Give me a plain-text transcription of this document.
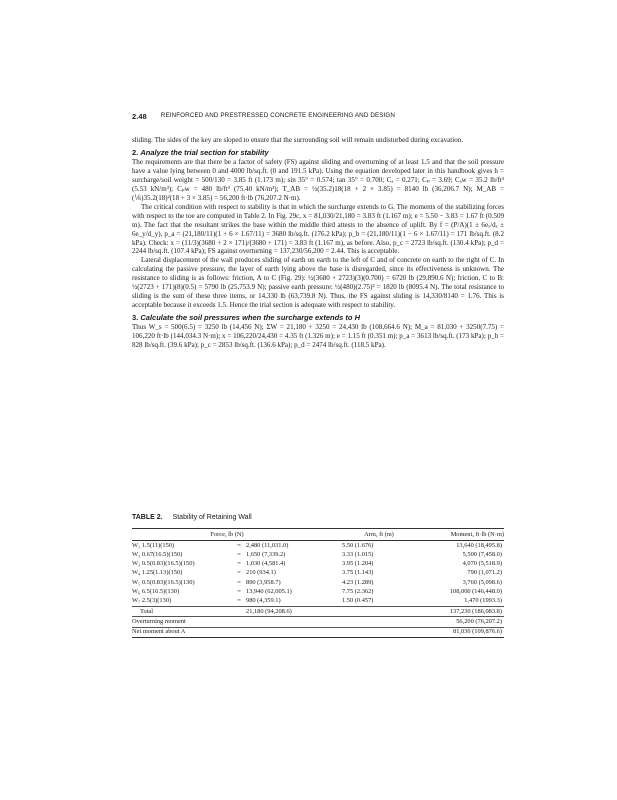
2.48 REINFORCED AND PRESTRESSED CONCRETE ENGINEERING AND DESIGN

sliding. The sides of the key are sloped to ensure that the surrounding soil will remain undisturbed during excavation.

2. Analyze the trial section for stability

The requirements are that there be a factor of safety (FS) against sliding and overturning of at least 1.5 and that the soil pressure have a value lying between 0 and 4000 lb/sq.ft. (0 and 191.5 kPa). Using the equation developed later in this handbook gives h = surcharge/soil weight = 500/130 = 3.85 ft (1.173 m); sin 35° = 0.574; tan 35° = 0.700; Cₐ = 0.271; Cₚ = 3.69; Cₐw = 35.2 lb/ft³ (5.53 kN/m³); Cₚw = 480 lb/ft³ (75.40 kN/m³); T_AB = ½(35.2)18(18 + 2 × 3.85) = 8140 lb (36,206.7 N); M_AB = (⅙)35.2(18)²(18 + 3 × 3.85) = 56,200 ft·lb (76,207.2 N·m).

The critical condition with respect to stability is that in which the surcharge extends to G. The moments of the stabilizing forces with respect to the toe are computed in Table 2. In Fig. 29c, x = 81,030/21,180 = 3.83 ft (1.167 m); e = 5.50 − 3.83 = 1.67 ft (0.509 m). The fact that the resultant strikes the base within the middle third attests to the absence of uplift. By f = (P/A)(1 ± 6eₓ/dₓ ± 6e_y/d_y), p_a = (21,180/11)(1 + 6 × 1.67/11) = 3680 lb/sq.ft. (176.2 kPa); p_b = (21,180/11)(1 − 6 × 1.67/11) = 171 lb/sq.ft. (8.2 kPa). Check: x = (11/3)(3680 + 2 × 171)/(3680 + 171) = 3.83 ft (1.167 m), as before. Also, p_c = 2723 lb/sq.ft. (130.4 kPa); p_d = 2244 lb/sq.ft. (107.4 kPa); FS against overturning = 137,230/56,200 = 2.44. This is acceptable.

Lateral displacement of the wall produces sliding of earth on earth to the left of C and of concrete on earth to the right of C. In calculating the passive pressure, the layer of earth lying above the base is disregarded, since its effectiveness is unknown. The resistance to sliding is as follows: friction, A to C (Fig. 29): ½(3680 + 2723)(3)(0.700) = 6720 lb (29,890.6 N); friction, C to B: ½(2723 + 171)(8)(0.5) = 5790 lb (25,753.9 N); passive earth pressure: ½(480)(2.75)² = 1820 lb (8095.4 N). The total resistance to sliding is the sum of these three items, or 14,330 lb (63,739.8 N). Thus, the FS against sliding is 14,330/8140 = 1.76. This is acceptable because it exceeds 1.5. Hence the trial section is adequate with respect to stability.

3. Calculate the soil pressures when the surcharge extends to H

Thus W_s = 500(6.5) = 3250 lb (14,456 N); ΣW = 21,180 + 3250 = 24,430 lb (108,664.6 N); M_a = 81,030 + 3250(7.75) = 106,220 ft·lb (144,034.3 N·m); x = 106,220/24,430 = 4.35 ft (1.326 m); e = 1.15 ft (0.351 m); p_a = 3613 lb/sq.ft. (173 kPa); p_b = 828 lb/sq.ft. (39.6 kPa); p_c = 2853 lb/sq.ft. (136.6 kPa); p_d = 2474 lb/sq.ft. (118.5 kPa).

TABLE 2. Stability of Retaining Wall
Force, lb (N)			Arm, ft (m)	Moment, ft·lb (N·m)
W₁ 1.5(11)(150)	=	2,480 (11,031.0)	5.50 (1.676)	13,640 (18,495.8)
W₂ 0.67(16.5)(150)	=	1,650 (7,339.2)	3.33 (1.015)	5,500 (7,458.0)
W₃ 0.5(0.83)(16.5)(150)	=	1,030 (4,581.4)	3.95 (1.204)	4,070 (5,518.9)
W₄ 1.25(1.13)(150)	=	210 (934.1)	3.75 (1.143)	790 (1,071.2)
W₅ 0.5(0.83)(16.5)(130)	=	890 (3,958.7)	4.23 (1.289)	3,760 (5,098.6)
W₆ 6.5(16.5)(130)	=	13,940 (62,005.1)	7.75 (2.362)	108,000 (146,448.0)
W₇ 2.5(3)(130)	=	980 (4,359.1)	1.50 (0.457)	1,470 (1993.3)
Total		21,180 (94,208.6)		137,230 (186,083.8)
Overturning moment				56,200 (76,207.2)
Net moment about A				81,030 (109,876.6)
